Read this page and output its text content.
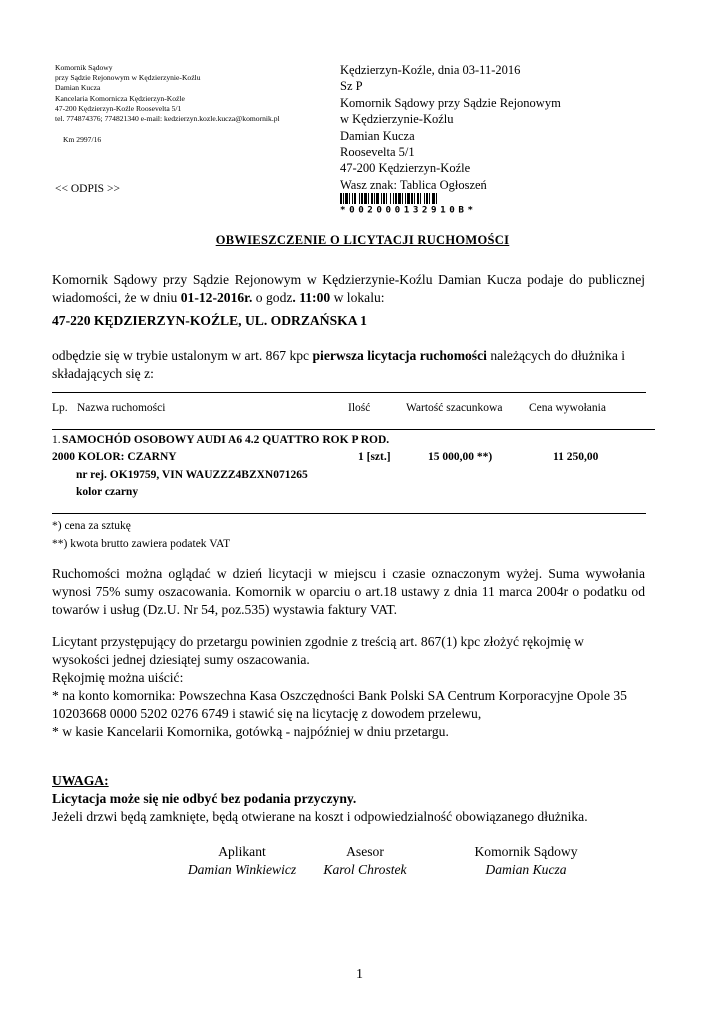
Komornik Sądowy
przy Sądzie Rejonowym w Kędzierzynie-Koźlu
Damian Kucza
Kancelaria Komornicza Kędzierzyn-Koźle
47-200 Kędzierzyn-Koźle Roosevelta 5/1
tel. 774874376; 774821340 e-mail: kedzierzyn.kozle.kucza@komornik.pl
Km 2997/16
<< ODPIS >>
Kędzierzyn-Koźle, dnia 03-11-2016
Sz P
Komornik Sądowy przy Sądzie Rejonowym
w Kędzierzynie-Koźlu
Damian Kucza
Roosevelta 5/1
47-200 Kędzierzyn-Koźle
Wasz znak: Tablica Ogłoszeń
*002000132910B*
OBWIESZCZENIE O LICYTACJI RUCHOMOŚCI
Komornik Sądowy przy Sądzie Rejonowym w Kędzierzynie-Koźlu Damian Kucza podaje do publicznej wiadomości, że w dniu 01-12-2016r. o godz. 11:00 w lokalu:
47-220 KĘDZIERZYN-KOŹLE, UL. ODRZAŃSKA 1
odbędzie się w trybie ustalonym w art. 867 kpc pierwsza licytacja ruchomości należących do dłużnika i składających się z:
Lp. Nazwa ruchomości	Ilość	Wartość szacunkowa Cena wywołania
1. SAMOCHÓD OSOBOWY AUDI A6 4.2 QUATTRO ROK P ROD.
2000 KOLOR: CZARNY	1 [szt.]	15 000,00 **)	11 250,00
nr rej. OK19759, VIN WAUZZZ4BZXN071265
kolor czarny
*) cena za sztukę
**) kwota brutto zawiera podatek VAT
Ruchomości można oglądać w dzień licytacji w miejscu i czasie oznaczonym wyżej. Suma wywołania wynosi 75% sumy oszacowania. Komornik w oparciu o art.18 ustawy z dnia 11 marca 2004r o podatku od towarów i usług (Dz.U. Nr 54, poz.535) wystawia faktury VAT.
Licytant przystępujący do przetargu powinien zgodnie z treścią art. 867(1) kpc złożyć rękojmię w
wysokości jednej dziesiątej sumy oszacowania.
Rękojmię można uiścić:
* na konto komornika: Powszechna Kasa Oszczędności Bank Polski SA Centrum Korporacyjne Opole 35
10203668 0000 5202 0276 6749 i stawić się na licytację z dowodem przelewu,
* w kasie Kancelarii Komornika, gotówką - najpóźniej w dniu przetargu.
UWAGA:
Licytacja może się nie odbyć bez podania przyczyny.
Jeżeli drzwi będą zamknięte, będą otwierane na koszt i odpowiedzialność obowiązanego dłużnika.
Aplikant
Damian Winkiewicz
Asesor
Karol Chrostek
Komornik Sądowy
Damian Kucza
1
